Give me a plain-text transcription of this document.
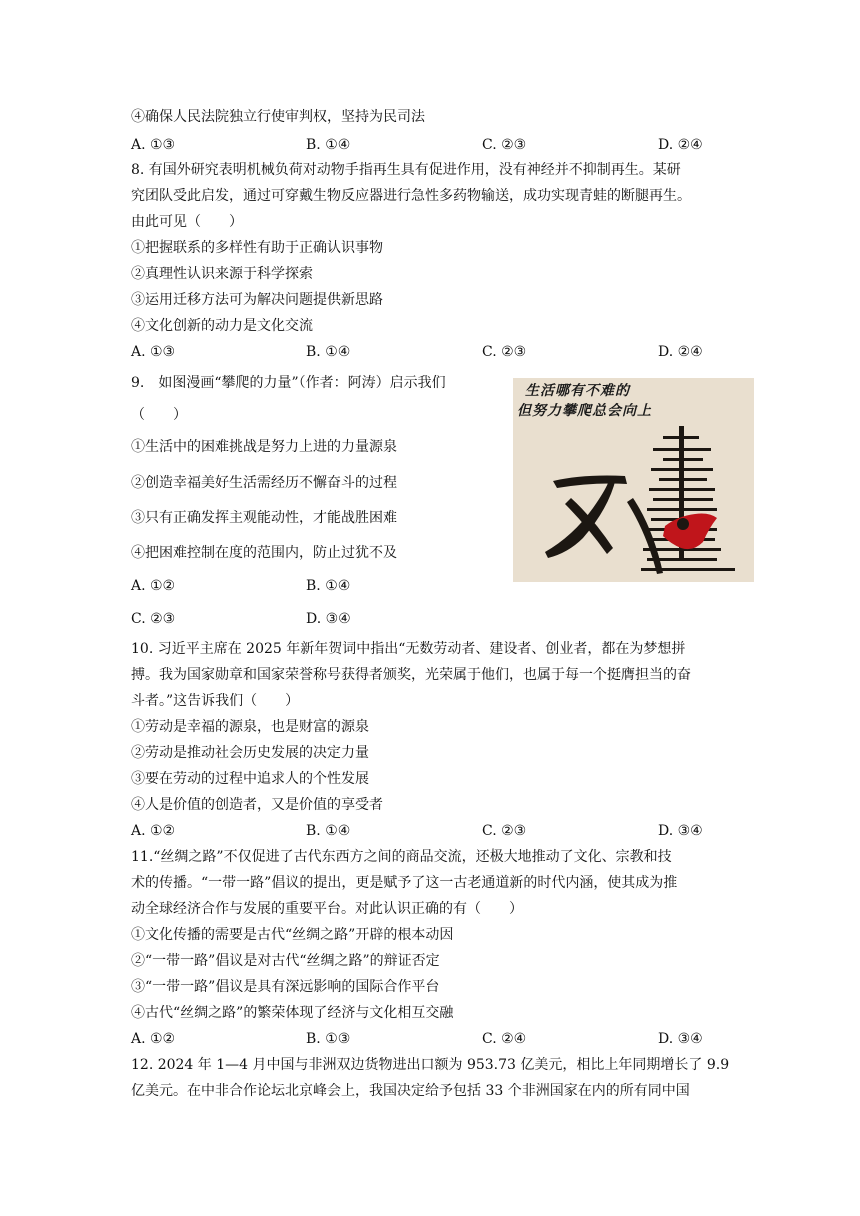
④确保人民法院独立行使审判权，坚持为民司法
A. ①③	B. ①④	C. ②③	D. ②④
8. 有国外研究表明机械负荷对动物手指再生具有促进作用，没有神经并不抑制再生。某研
究团队受此启发，通过可穿戴生物反应器进行急性多药物输送，成功实现青蛙的断腿再生。
由此可见（　　）
①把握联系的多样性有助于正确认识事物
②真理性认识来源于科学探索
③运用迁移方法可为解决问题提供新思路
④文化创新的动力是文化交流
A. ①③	B. ①④	C. ②③	D. ②④
9.　如图漫画“攀爬的力量”（作者：阿涛）启示我们
（　　）
①生活中的困难挑战是努力上进的力量源泉
②创造幸福美好生活需经历不懈奋斗的过程
③只有正确发挥主观能动性，才能战胜困难
④把困难控制在度的范围内，防止过犹不及
A. ①②	B. ①④
C. ②③	D. ③④
生活哪有不难的
但努力攀爬总会向上
10. 习近平主席在 2025 年新年贺词中指出“无数劳动者、建设者、创业者，都在为梦想拼
搏。我为国家勋章和国家荣誉称号获得者颁奖，光荣属于他们，也属于每一个挺膺担当的奋
斗者。”这告诉我们（　　）
①劳动是幸福的源泉，也是财富的源泉
②劳动是推动社会历史发展的决定力量
③要在劳动的过程中追求人的个性发展
④人是价值的创造者，又是价值的享受者
A. ①②	B. ①④	C. ②③	D. ③④
11.“丝绸之路”不仅促进了古代东西方之间的商品交流，还极大地推动了文化、宗教和技
术的传播。“一带一路”倡议的提出，更是赋予了这一古老通道新的时代内涵，使其成为推
动全球经济合作与发展的重要平台。对此认识正确的有（　　）
①文化传播的需要是古代“丝绸之路”开辟的根本动因
②“一带一路”倡议是对古代“丝绸之路”的辩证否定
③“一带一路”倡议是具有深远影响的国际合作平台
④古代“丝绸之路”的繁荣体现了经济与文化相互交融
A. ①②	B. ①③	C. ②④	D. ③④
12. 2024 年 1—4 月中国与非洲双边货物进出口额为 953.73 亿美元，相比上年同期增长了 9.9
亿美元。在中非合作论坛北京峰会上，我国决定给予包括 33 个非洲国家在内的所有同中国
